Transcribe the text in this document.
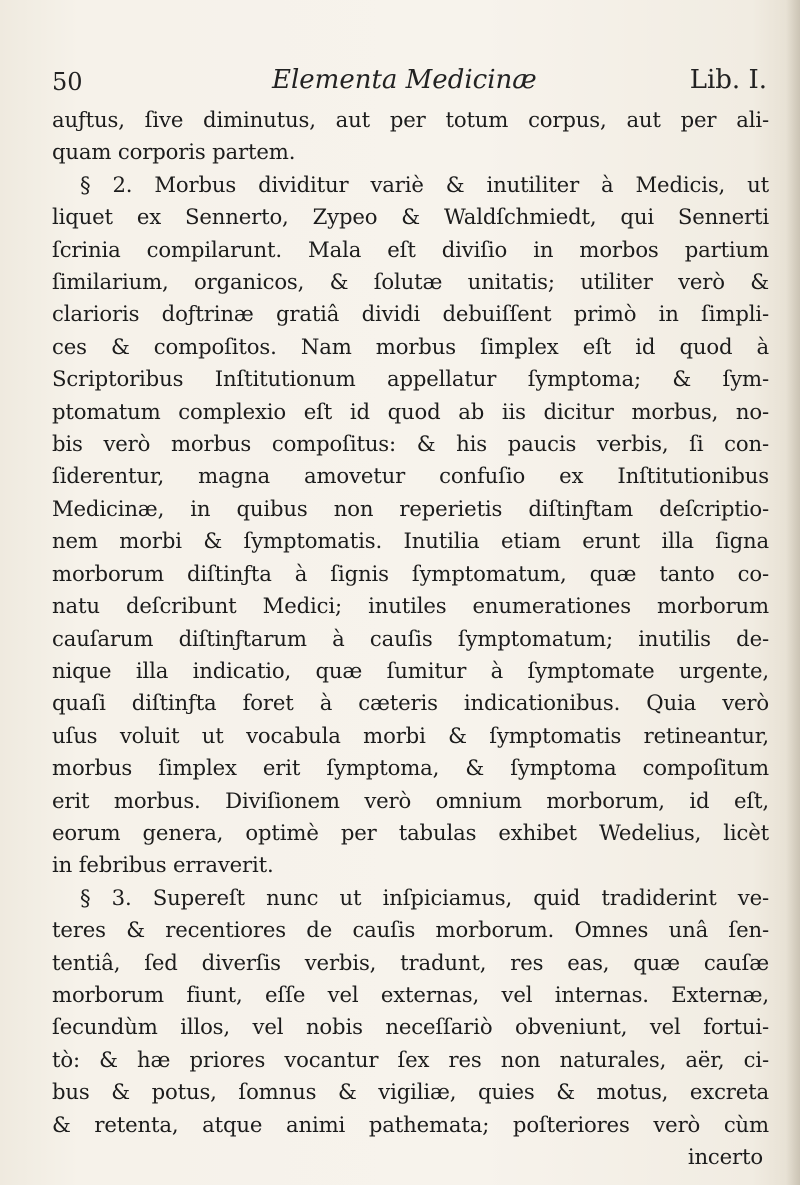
50	Elementa Medicinæ	Lib. I.
auƒtus, ſive diminutus, aut per totum corpus, aut per ali-
quam corporis partem.
§ 2. Morbus dividitur variè & inutiliter à Medicis, ut
liquet ex Sennerto, Zypeo & Waldſchmiedt, qui Sennerti
ſcrinia compilarunt. Mala eſt diviſio in morbos partium
ſimilarium, organicos, & ſolutæ unitatis; utiliter verò &
clarioris doƒtrinæ gratiâ dividi debuiſſent primò in ſimpli-
ces & compoſitos. Nam morbus ſimplex eſt id quod à
Scriptoribus Inſtitutionum appellatur ſymptoma; & ſym-
ptomatum complexio eſt id quod ab iis dicitur morbus, no-
bis verò morbus compoſitus: & his paucis verbis, ſi con-
ſiderentur, magna amovetur confuſio ex Inſtitutionibus
Medicinæ, in quibus non reperietis diſtinƒtam deſcriptio-
nem morbi & ſymptomatis. Inutilia etiam erunt illa ſigna
morborum diſtinƒta à ſignis ſymptomatum, quæ tanto co-
natu deſcribunt Medici; inutiles enumerationes morborum
cauſarum diſtinƒtarum à cauſis ſymptomatum; inutilis de-
nique illa indicatio, quæ ſumitur à ſymptomate urgente,
quaſi diſtinƒta foret à cæteris indicationibus. Quia verò
uſus voluit ut vocabula morbi & ſymptomatis retineantur,
morbus ſimplex erit ſymptoma, & ſymptoma compoſitum
erit morbus. Diviſionem verò omnium morborum, id eſt,
eorum genera, optimè per tabulas exhibet Wedelius, licèt
in febribus erraverit.
§ 3. Supereſt nunc ut inſpiciamus, quid tradiderint ve-
teres & recentiores de cauſis morborum. Omnes unâ ſen-
tentiâ, ſed diverſis verbis, tradunt, res eas, quæ cauſæ
morborum fiunt, eſſe vel externas, vel internas. Externæ,
ſecundùm illos, vel nobis neceſſariò obveniunt, vel fortui-
tò: & hæ priores vocantur ſex res non naturales, aër, ci-
bus & potus, ſomnus & vigiliæ, quies & motus, excreta
& retenta, atque animi pathemata; poſteriores verò cùm
incerto
